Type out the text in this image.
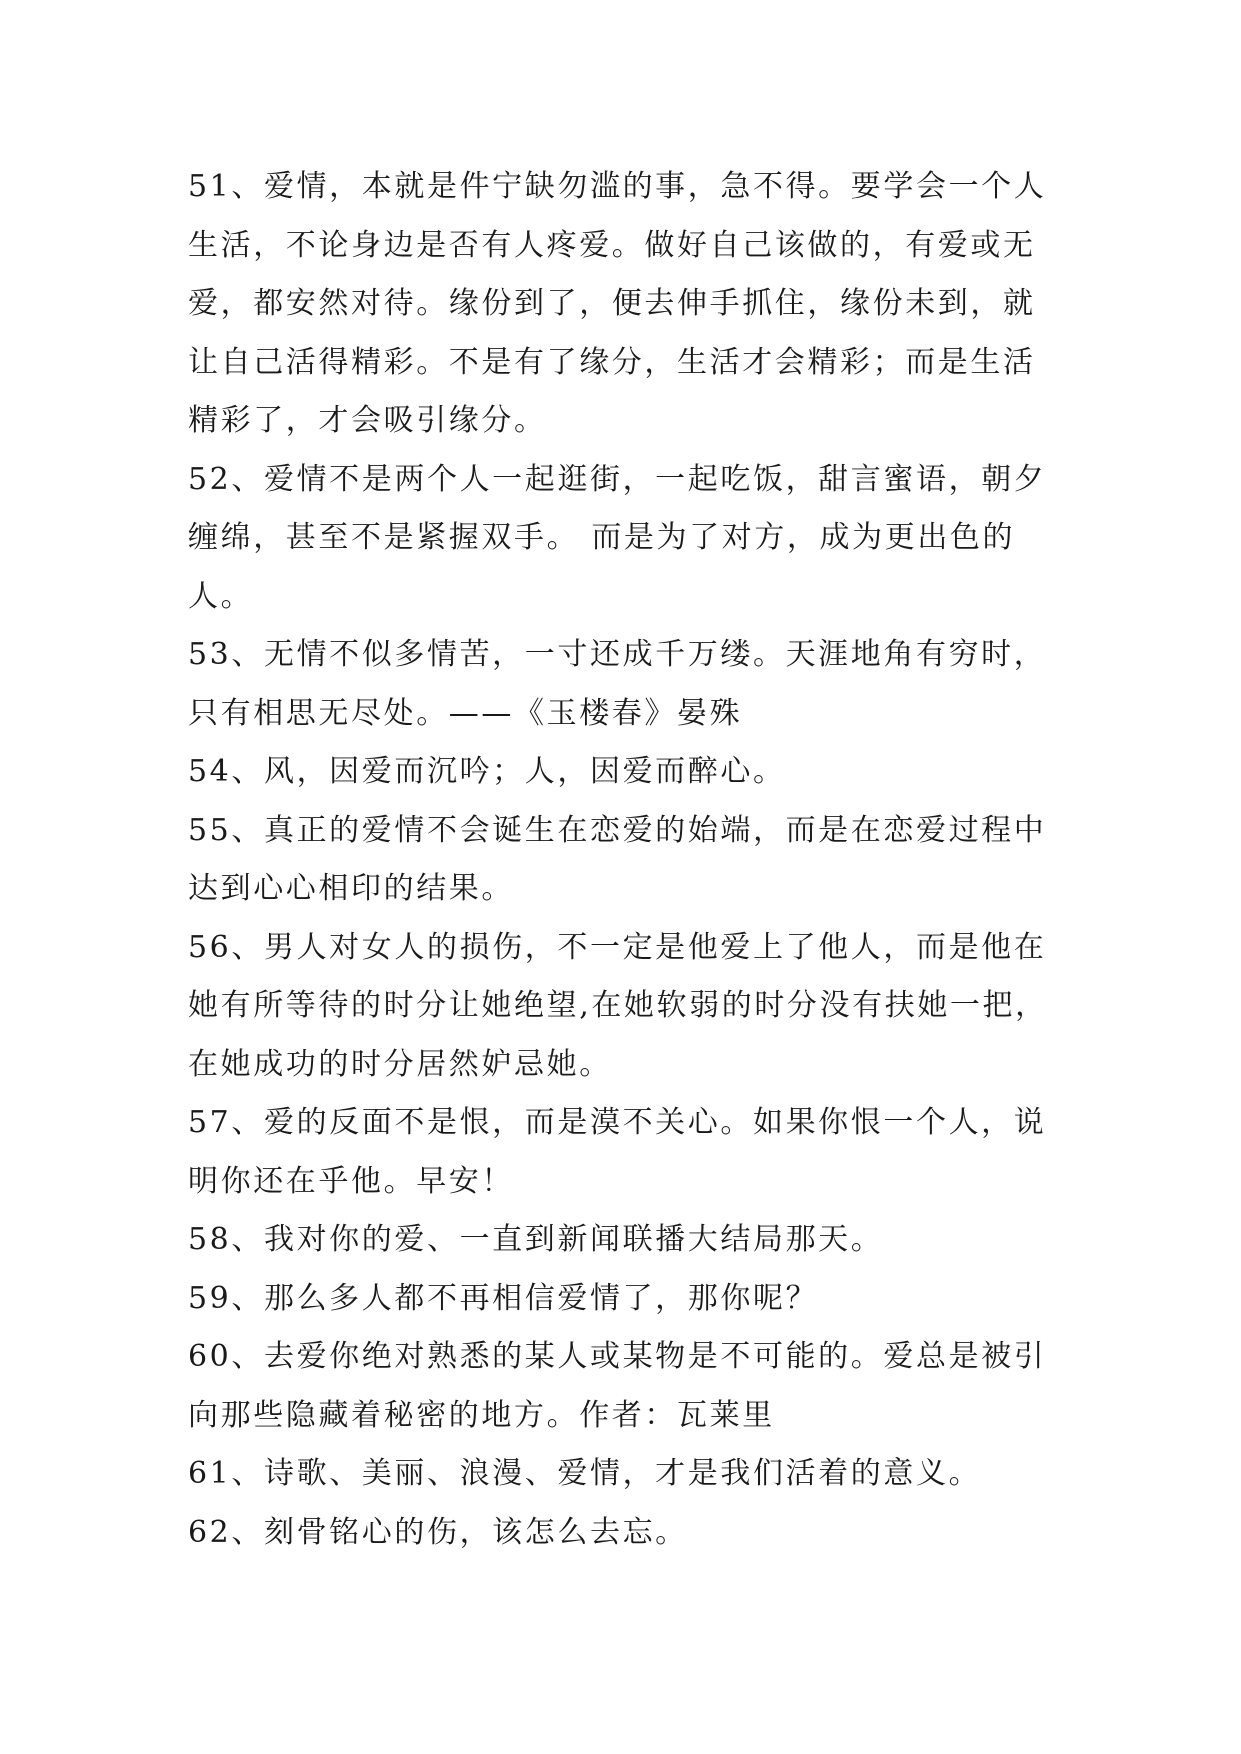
51、爱情，本就是件宁缺勿滥的事，急不得。要学会一个人
生活，不论身边是否有人疼爱。做好自己该做的，有爱或无
爱，都安然对待。缘份到了，便去伸手抓住，缘份未到，就
让自己活得精彩。不是有了缘分，生活才会精彩；而是生活
精彩了，才会吸引缘分。
52、爱情不是两个人一起逛街，一起吃饭，甜言蜜语，朝夕
缠绵，甚至不是紧握双手。 而是为了对方，成为更出色的
人。
53、无情不似多情苦，一寸还成千万缕。天涯地角有穷时，
只有相思无尽处。——《玉楼春》晏殊
54、风，因爱而沉吟；人，因爱而醉心。
55、真正的爱情不会诞生在恋爱的始端，而是在恋爱过程中
达到心心相印的结果。
56、男人对女人的损伤，不一定是他爱上了他人，而是他在
她有所等待的时分让她绝望,在她软弱的时分没有扶她一把，
在她成功的时分居然妒忌她。
57、爱的反面不是恨，而是漠不关心。如果你恨一个人，说
明你还在乎他。早安！
58、我对你的爱、一直到新闻联播大结局那天。
59、那么多人都不再相信爱情了，那你呢？
60、去爱你绝对熟悉的某人或某物是不可能的。爱总是被引
向那些隐藏着秘密的地方。作者：瓦莱里
61、诗歌、美丽、浪漫、爱情，才是我们活着的意义。
62、刻骨铭心的伤，该怎么去忘。
